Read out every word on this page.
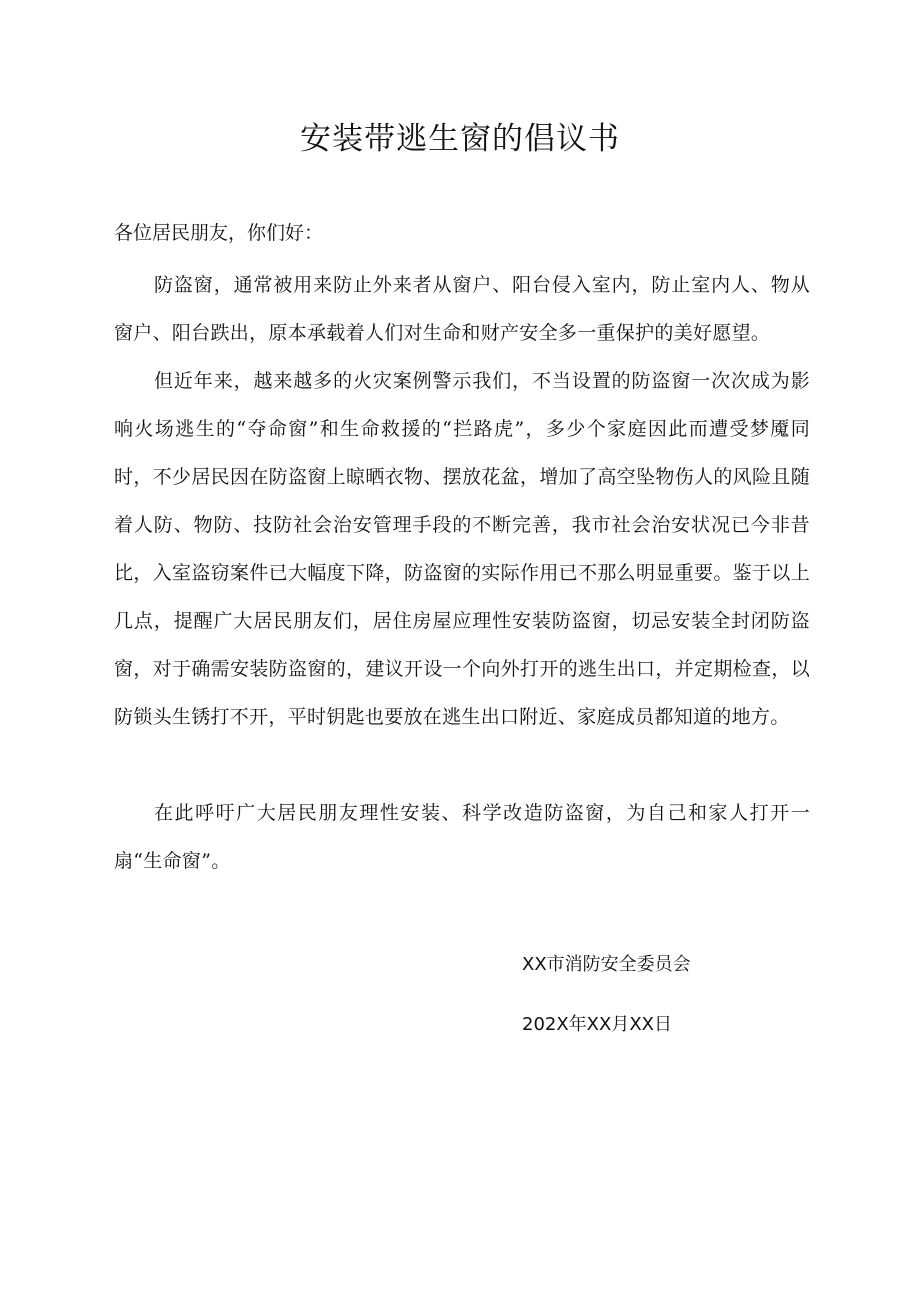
安装带逃生窗的倡议书

各位居民朋友，你们好：

防盗窗，通常被用来防止外来者从窗户、阳台侵入室内，防止室内人、物从窗户、阳台跌出，原本承载着人们对生命和财产安全多一重保护的美好愿望。

但近年来，越来越多的火灾案例警示我们，不当设置的防盗窗一次次成为影响火场逃生的“夺命窗”和生命救援的“拦路虎”，多少个家庭因此而遭受梦魇同时，不少居民因在防盗窗上晾晒衣物、摆放花盆，增加了高空坠物伤人的风险且随着人防、物防、技防社会治安管理手段的不断完善，我市社会治安状况已今非昔比，入室盗窃案件已大幅度下降，防盗窗的实际作用已不那么明显重要。鉴于以上几点，提醒广大居民朋友们，居住房屋应理性安装防盗窗，切忌安装全封闭防盗窗，对于确需安装防盗窗的，建议开设一个向外打开的逃生出口，并定期检查，以防锁头生锈打不开，平时钥匙也要放在逃生出口附近、家庭成员都知道的地方。

在此呼吁广大居民朋友理性安装、科学改造防盗窗，为自己和家人打开一扇“生命窗”。

XX市消防安全委员会

202X年XX月XX日
